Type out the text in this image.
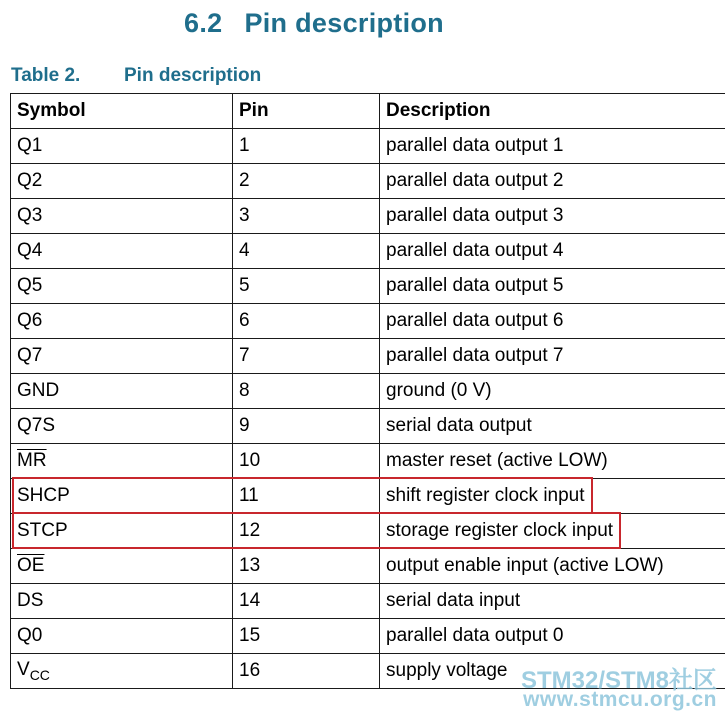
6.2 Pin description
Table 2. Pin description
Symbol	Pin	Description
Q1	1	parallel data output 1
Q2	2	parallel data output 2
Q3	3	parallel data output 3
Q4	4	parallel data output 4
Q5	5	parallel data output 5
Q6	6	parallel data output 6
Q7	7	parallel data output 7
GND	8	ground (0 V)
Q7S	9	serial data output
$\overline{MR}$	10	master reset (active LOW)
SHCP	11	shift register clock input
STCP	12	storage register clock input
$\overline{OE}$	13	output enable input (active LOW)
DS	14	serial data input
Q0	15	parallel data output 0
$V_{CC}$	16	supply voltage STM32/STM8社区
www.stmcu.org.cn
